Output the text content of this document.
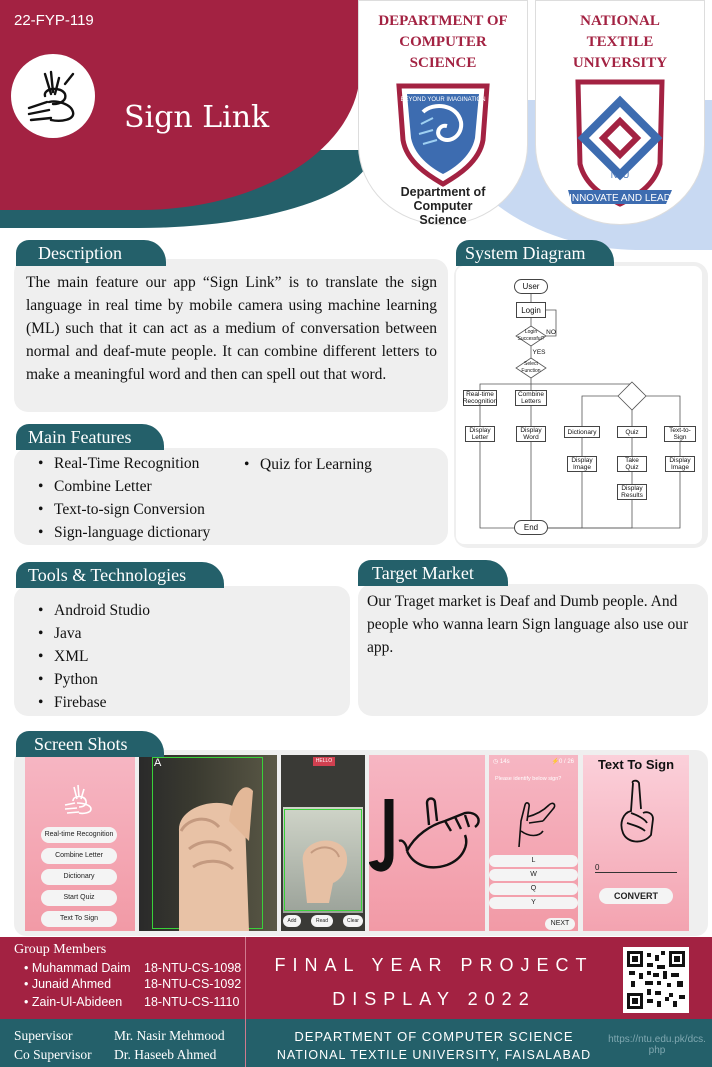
22-FYP-119
Sign Link
DEPARTMENT OF COMPUTER SCIENCE
BEYOND YOUR IMAGINATION
Department of Computer Science
NATIONAL TEXTILE UNIVERSITY
NTU
INNOVATE AND LEAD
Description
The main feature our app “Sign Link” is to translate the sign language in real time by mobile camera using machine learning (ML) such that it can act as a medium of conversation between normal and deaf-mute people. It can combine different letters to make a meaningful word and then can spell out that word.
System Diagram
User
Login
Login Successful?
NO
YES
Select Function
Real-time Recognition
Combine Letters
Display Letter
Display Word
Dictionary	Quiz	Text-to-Sign
Display Image
Take Quiz
Display Image
Display Results
End
Main Features
• Real-Time Recognition
• Combine Letter
• Text-to-sign Conversion
• Sign-language dictionary
• Quiz for Learning
Tools & Technologies
• Android Studio
• Java
• XML
• Python
• Firebase
Target Market
Our Traget market is Deaf and Dumb people. And people who wanna learn Sign language also use our app.
Screen Shots
Real-time Recognition
Combine Letter
Dictionary
Start Quiz
Text To Sign
A	HELLO
Add	Read	Clear
◷ 14s	⚡0 / 26
Please identify below sign?
L
W
Q
Y
NEXT
Text To Sign
0
CONVERT
Group Members
• Muhammad Daim 18-NTU-CS-1098
• Junaid Ahmed	18-NTU-CS-1092
• Zain-Ul-Abideen 18-NTU-CS-1110
FINAL YEAR PROJECT
DISPLAY 2022
Supervisor	Mr. Nasir Mehmood
Co Supervisor Dr. Haseeb Ahmed
DEPARTMENT OF COMPUTER SCIENCE
NATIONAL TEXTILE UNIVERSITY, FAISALABAD
https://ntu.edu.pk/dcs.php
